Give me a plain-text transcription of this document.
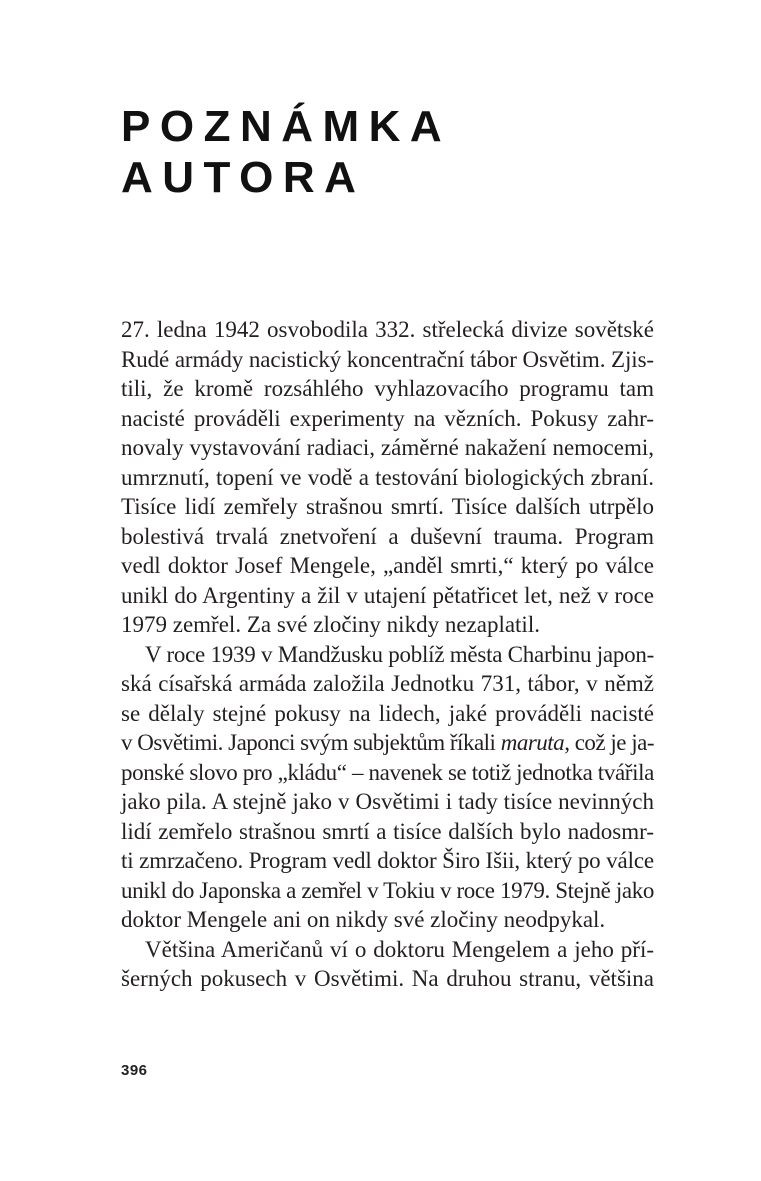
POZNÁMKA
AUTORA
27. ledna 1942 osvobodila 332. střelecká divize sovětské
Rudé armády nacistický koncentrační tábor Osvětim. Zjis-
tili, že kromě rozsáhlého vyhlazovacího programu tam
nacisté prováděli experimenty na vězních. Pokusy zahr-
novaly vystavování radiaci, záměrné nakažení nemocemi,
umrznutí, topení ve vodě a testování biologických zbraní.
Tisíce lidí zemřely strašnou smrtí. Tisíce dalších utrpělo
bolestivá trvalá znetvoření a duševní trauma. Program
vedl doktor Josef Mengele, „anděl smrti,“ který po válce
unikl do Argentiny a žil v utajení pětatřicet let, než v roce
1979 zemřel. Za své zločiny nikdy nezaplatil.
V roce 1939 v Mandžusku poblíž města Charbinu japon-
ská císařská armáda založila Jednotku 731, tábor, v němž
se dělaly stejné pokusy na lidech, jaké prováděli nacisté
v Osvětimi. Japonci svým subjektům říkali maruta, což je ja-
ponské slovo pro „kládu“ – navenek se totiž jednotka tvářila
jako pila. A stejně jako v Osvětimi i tady tisíce nevinných
lidí zemřelo strašnou smrtí a tisíce dalších bylo nadosmr-
ti zmrzačeno. Program vedl doktor Širo Išii, který po válce
unikl do Japonska a zemřel v Tokiu v roce 1979. Stejně jako
doktor Mengele ani on nikdy své zločiny neodpykal.
Většina Američanů ví o doktoru Mengelem a jeho pří-
šerných pokusech v Osvětimi. Na druhou stranu, většina
396
